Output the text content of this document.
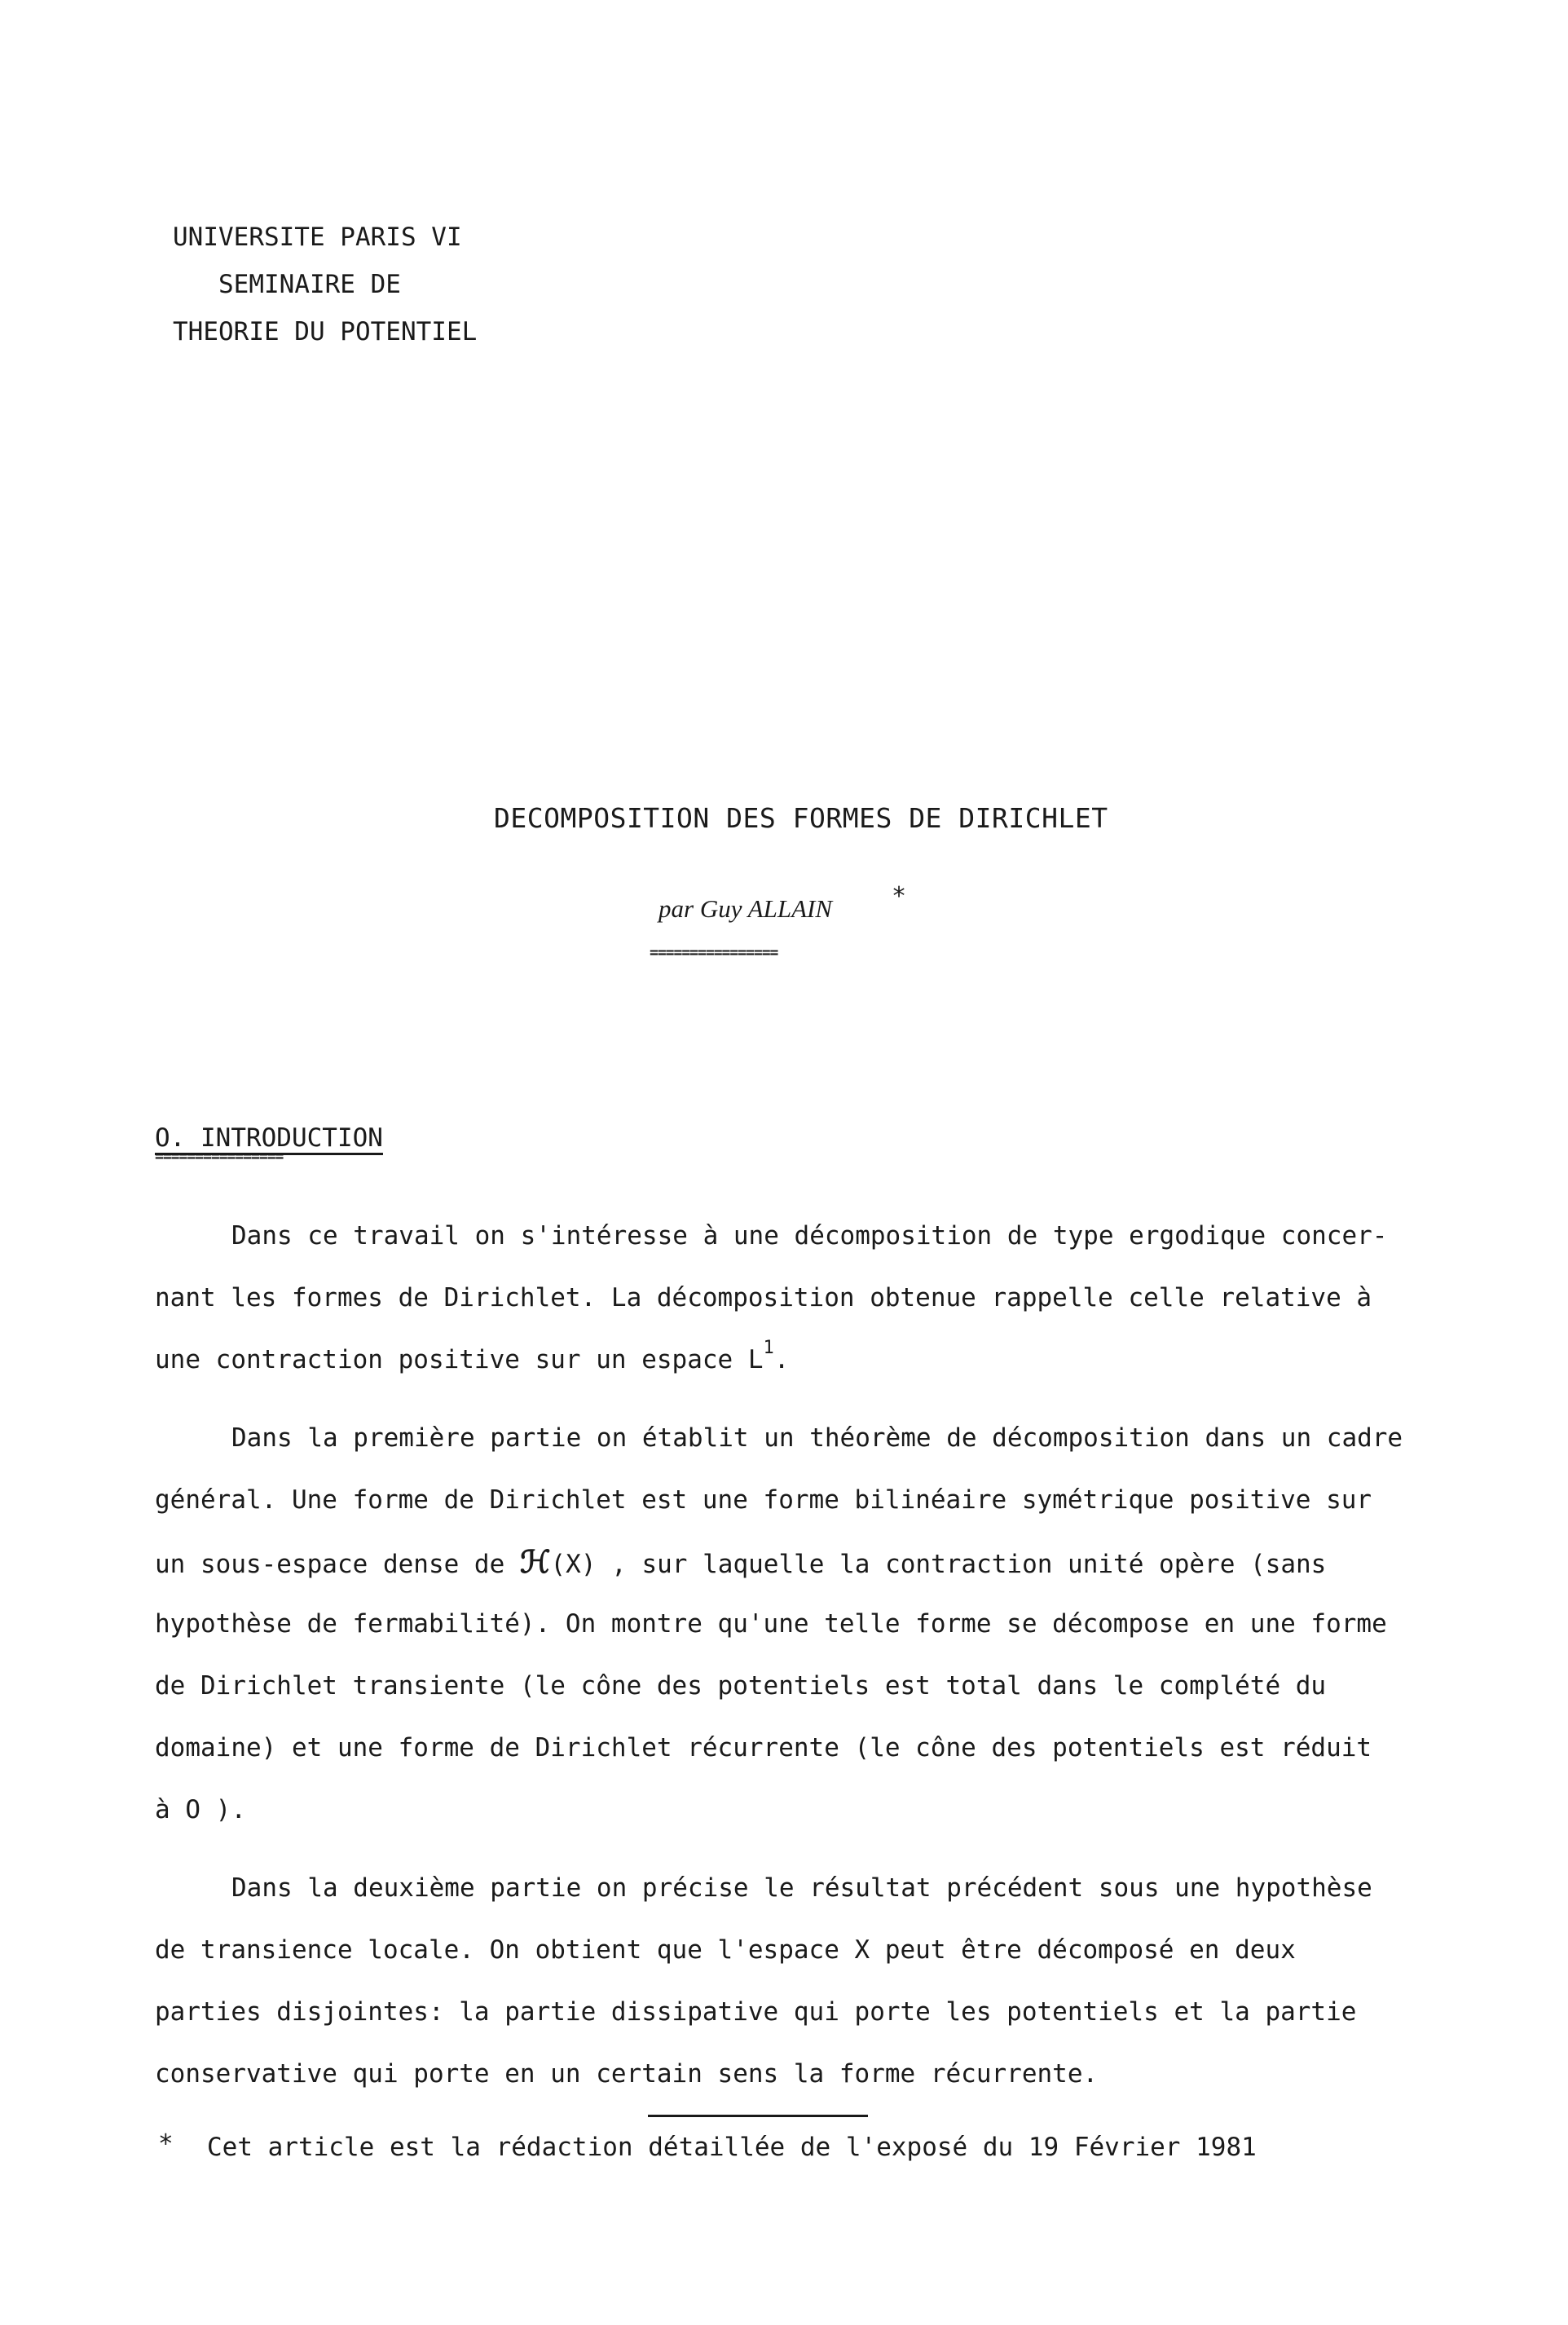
UNIVERSITE PARIS VI
SEMINAIRE DE
THEORIE DU POTENTIEL
DECOMPOSITION DES FORMES DE DIRICHLET
par Guy ALLAIN *
================
O. INTRODUCTION
================
Dans ce travail on s'intéresse à une décomposition de type ergodique concer-
nant les formes de Dirichlet. La décomposition obtenue rappelle celle relative à
une contraction positive sur un espace $L^1$.
Dans la première partie on établit un théorème de décomposition dans un cadre
général. Une forme de Dirichlet est une forme bilinéaire symétrique positive sur
un sous-espace dense de ℋ(X) , sur laquelle la contraction unité opère (sans
hypothèse de fermabilité). On montre qu'une telle forme se décompose en une forme
de Dirichlet transiente (le cône des potentiels est total dans le complété du
domaine) et une forme de Dirichlet récurrente (le cône des potentiels est réduit
à O ).
Dans la deuxième partie on précise le résultat précédent sous une hypothèse
de transience locale. On obtient que l'espace X peut être décomposé en deux
parties disjointes: la partie dissipative qui porte les potentiels et la partie
conservative qui porte en un certain sens la forme récurrente.
* Cet article est la rédaction détaillée de l'exposé du 19 Février 1981
